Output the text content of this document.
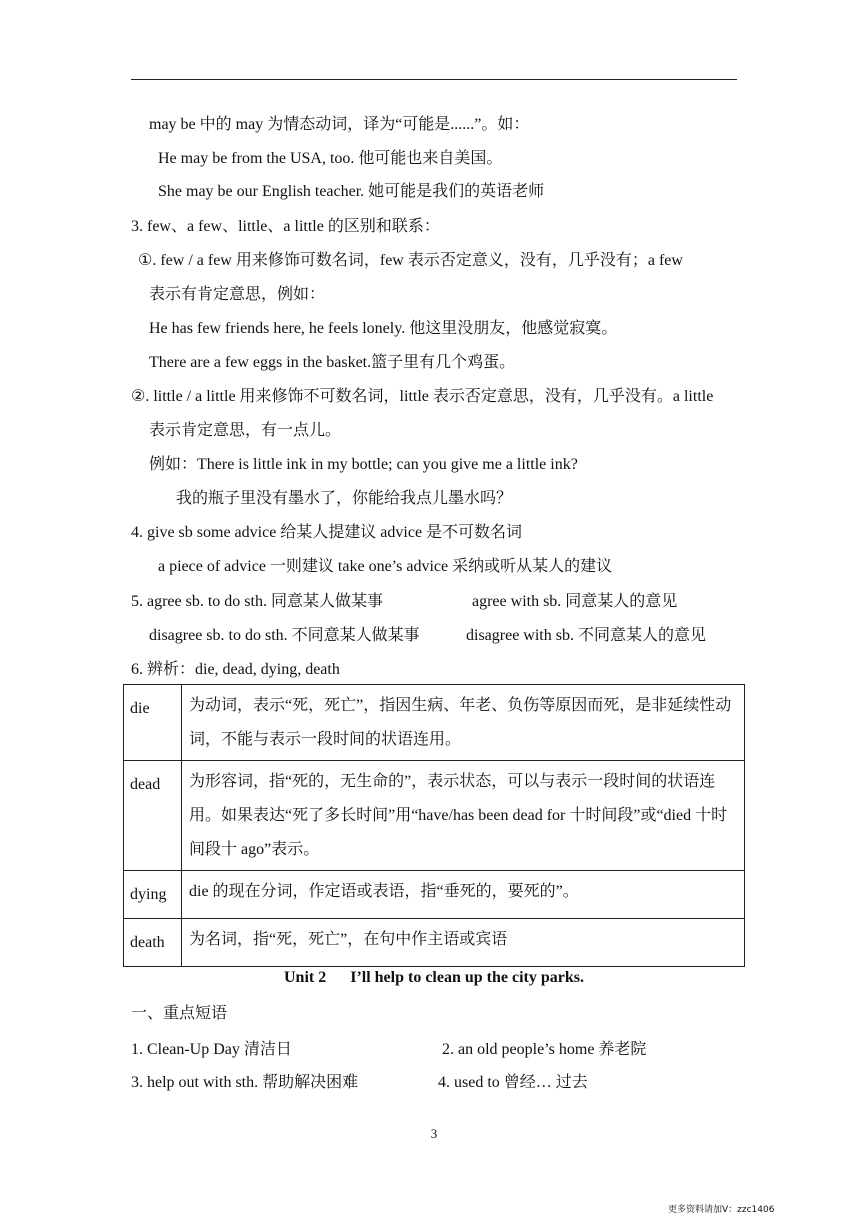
may be 中的 may 为情态动词，译为“可能是......”。如：
He may be from the USA, too. 他可能也来自美国。
She may be our English teacher. 她可能是我们的英语老师
3. few、a few、little、a little 的区别和联系：
①. few / a few 用来修饰可数名词，few 表示否定意义，没有，几乎没有；a few
表示有肯定意思，例如：
He has few friends here, he feels lonely. 他这里没朋友，他感觉寂寞。
There are a few eggs in the basket.篮子里有几个鸡蛋。
②. little / a little 用来修饰不可数名词，little 表示否定意思，没有，几乎没有。a little
表示肯定意思，有一点儿。
例如：There is little ink in my bottle; can you give me a little ink?
我的瓶子里没有墨水了，你能给我点儿墨水吗？
4. give sb some advice 给某人提建议 advice 是不可数名词
a piece of advice 一则建议 take one’s advice 采纳或听从某人的建议
5. agree sb. to do sth. 同意某人做某事	agree with sb. 同意某人的意见
disagree sb. to do sth. 不同意某人做某事	disagree with sb. 不同意某人的意见
6. 辨析：die, dead, dying, death
die	为动词，表示“死，死亡”，指因生病、年老、负伤等原因而死，是非延续性动词，不能与表示一段时间的状语连用。
dead	为形容词，指“死的，无生命的”，表示状态，可以与表示一段时间的状语连用。如果表达“死了多长时间”用“have/has been dead for 十时间段”或“died 十时间段十 ago”表示。
dying	die 的现在分词，作定语或表语，指“垂死的，要死的”。
death	为名词，指“死，死亡”，在句中作主语或宾语
Unit 2      I’ll help to clean up the city parks.
一、重点短语
1. Clean-Up Day 清洁日	2. an old people’s home 养老院
3. help out with sth. 帮助解决困难	4. used to 曾经… 过去
3
更多资料请加V：zzc1406
